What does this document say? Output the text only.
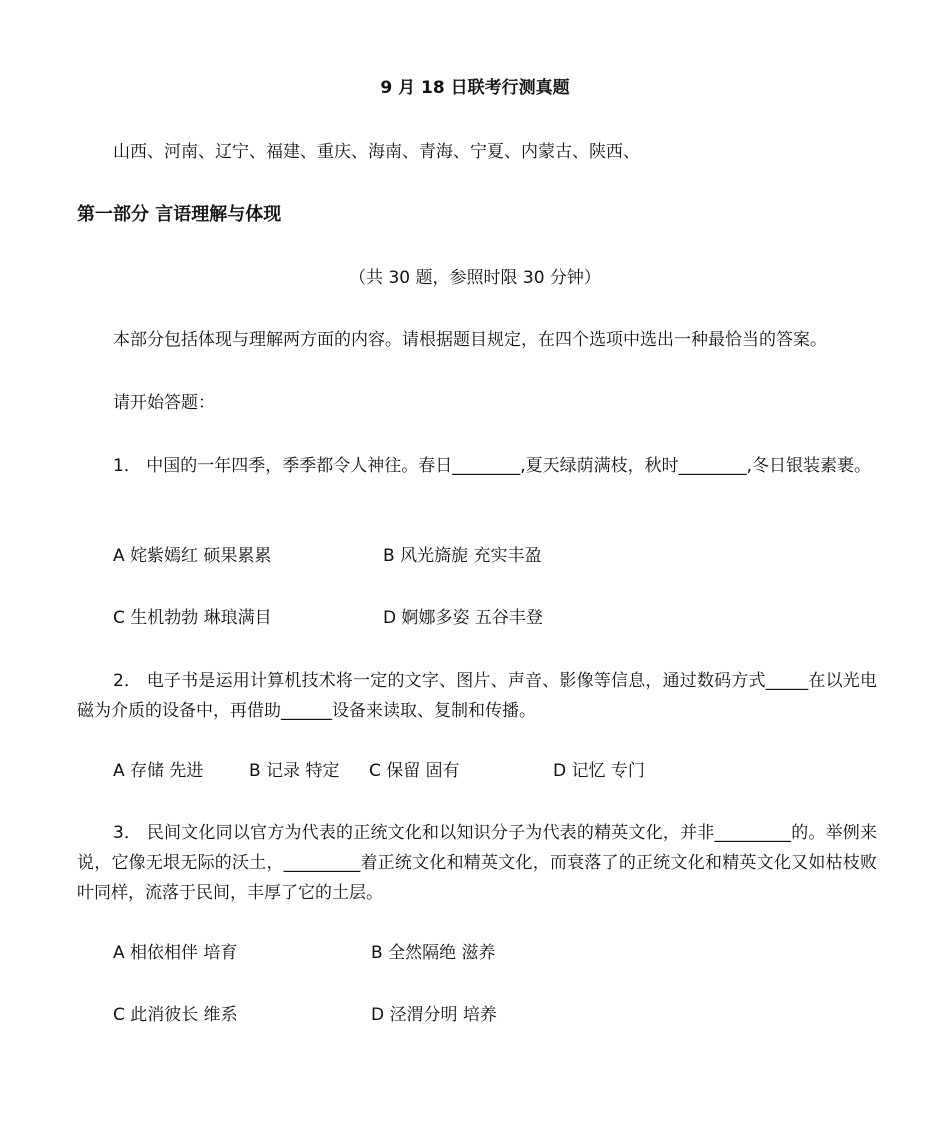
9 月 18 日联考行测真题
山西、河南、辽宁、福建、重庆、海南、青海、宁夏、内蒙古、陕西、
第一部分 言语理解与体现
（共 30 题，参照时限 30 分钟）
本部分包括体现与理解两方面的内容。请根据题目规定，在四个选项中选出一种最恰当的答案。
请开始答题：
1． 中国的一年四季，季季都令人神往。春日________,夏天绿荫满枝，秋时________,冬日银装素裹。
A 姹紫嫣红 硕果累累	B 风光旖旎 充实丰盈
C 生机勃勃 琳琅满目	D 婀娜多姿 五谷丰登
2． 电子书是运用计算机技术将一定的文字、图片、声音、影像等信息，通过数码方式_____在以光电磁为介质的设备中，再借助______设备来读取、复制和传播。
A 存储 先进	B 记录 特定 C 保留 固有	D 记忆 专门
3． 民间文化同以官方为代表的正统文化和以知识分子为代表的精英文化，并非_________的。举例来说，它像无垠无际的沃土，_________着正统文化和精英文化，而衰落了的正统文化和精英文化又如枯枝败叶同样，流落于民间，丰厚了它的土层。
A 相依相伴 培育	B 全然隔绝 滋养
C 此消彼长 维系	D 泾渭分明 培养
